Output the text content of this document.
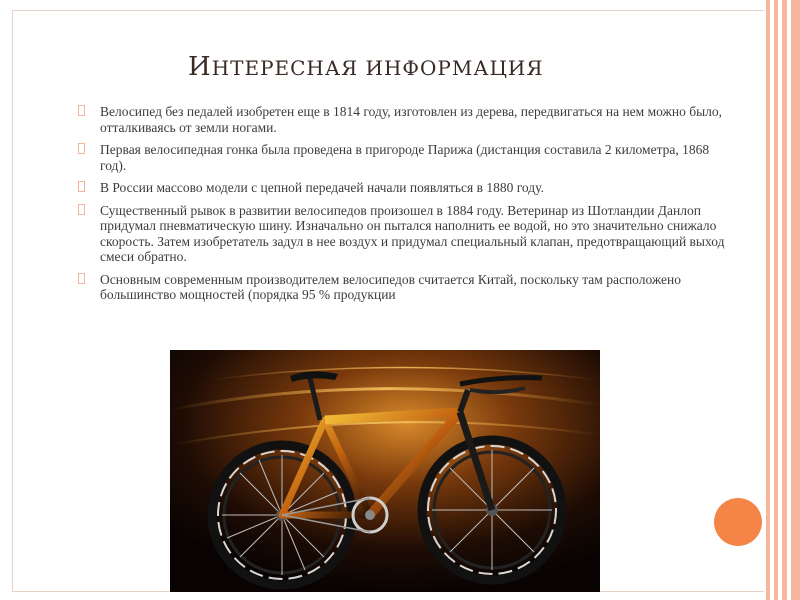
ИНТЕРЕСНАЯ ИНФОРМАЦИЯ
Велосипед без педалей изобретен еще в 1814 году, изготовлен из дерева, передвигаться на нем можно было, отталкиваясь от земли ногами.
Первая велосипедная гонка была проведена в пригороде Парижа (дистанция составила 2 километра, 1868 год).
В России массово модели с цепной передачей начали появляться в 1880 году.
Существенный рывок в развитии велосипедов произошел в 1884 году. Ветеринар из Шотландии Данлоп придумал пневматическую шину. Изначально он пытался наполнить ее водой, но это значительно снижало скорость. Затем изобретатель задул в нее воздух и придумал специальный клапан, предотвращающий выход смеси обратно.
Основным современным производителем велосипедов считается Китай, поскольку там расположено большинство мощностей (порядка 95 % продукции
